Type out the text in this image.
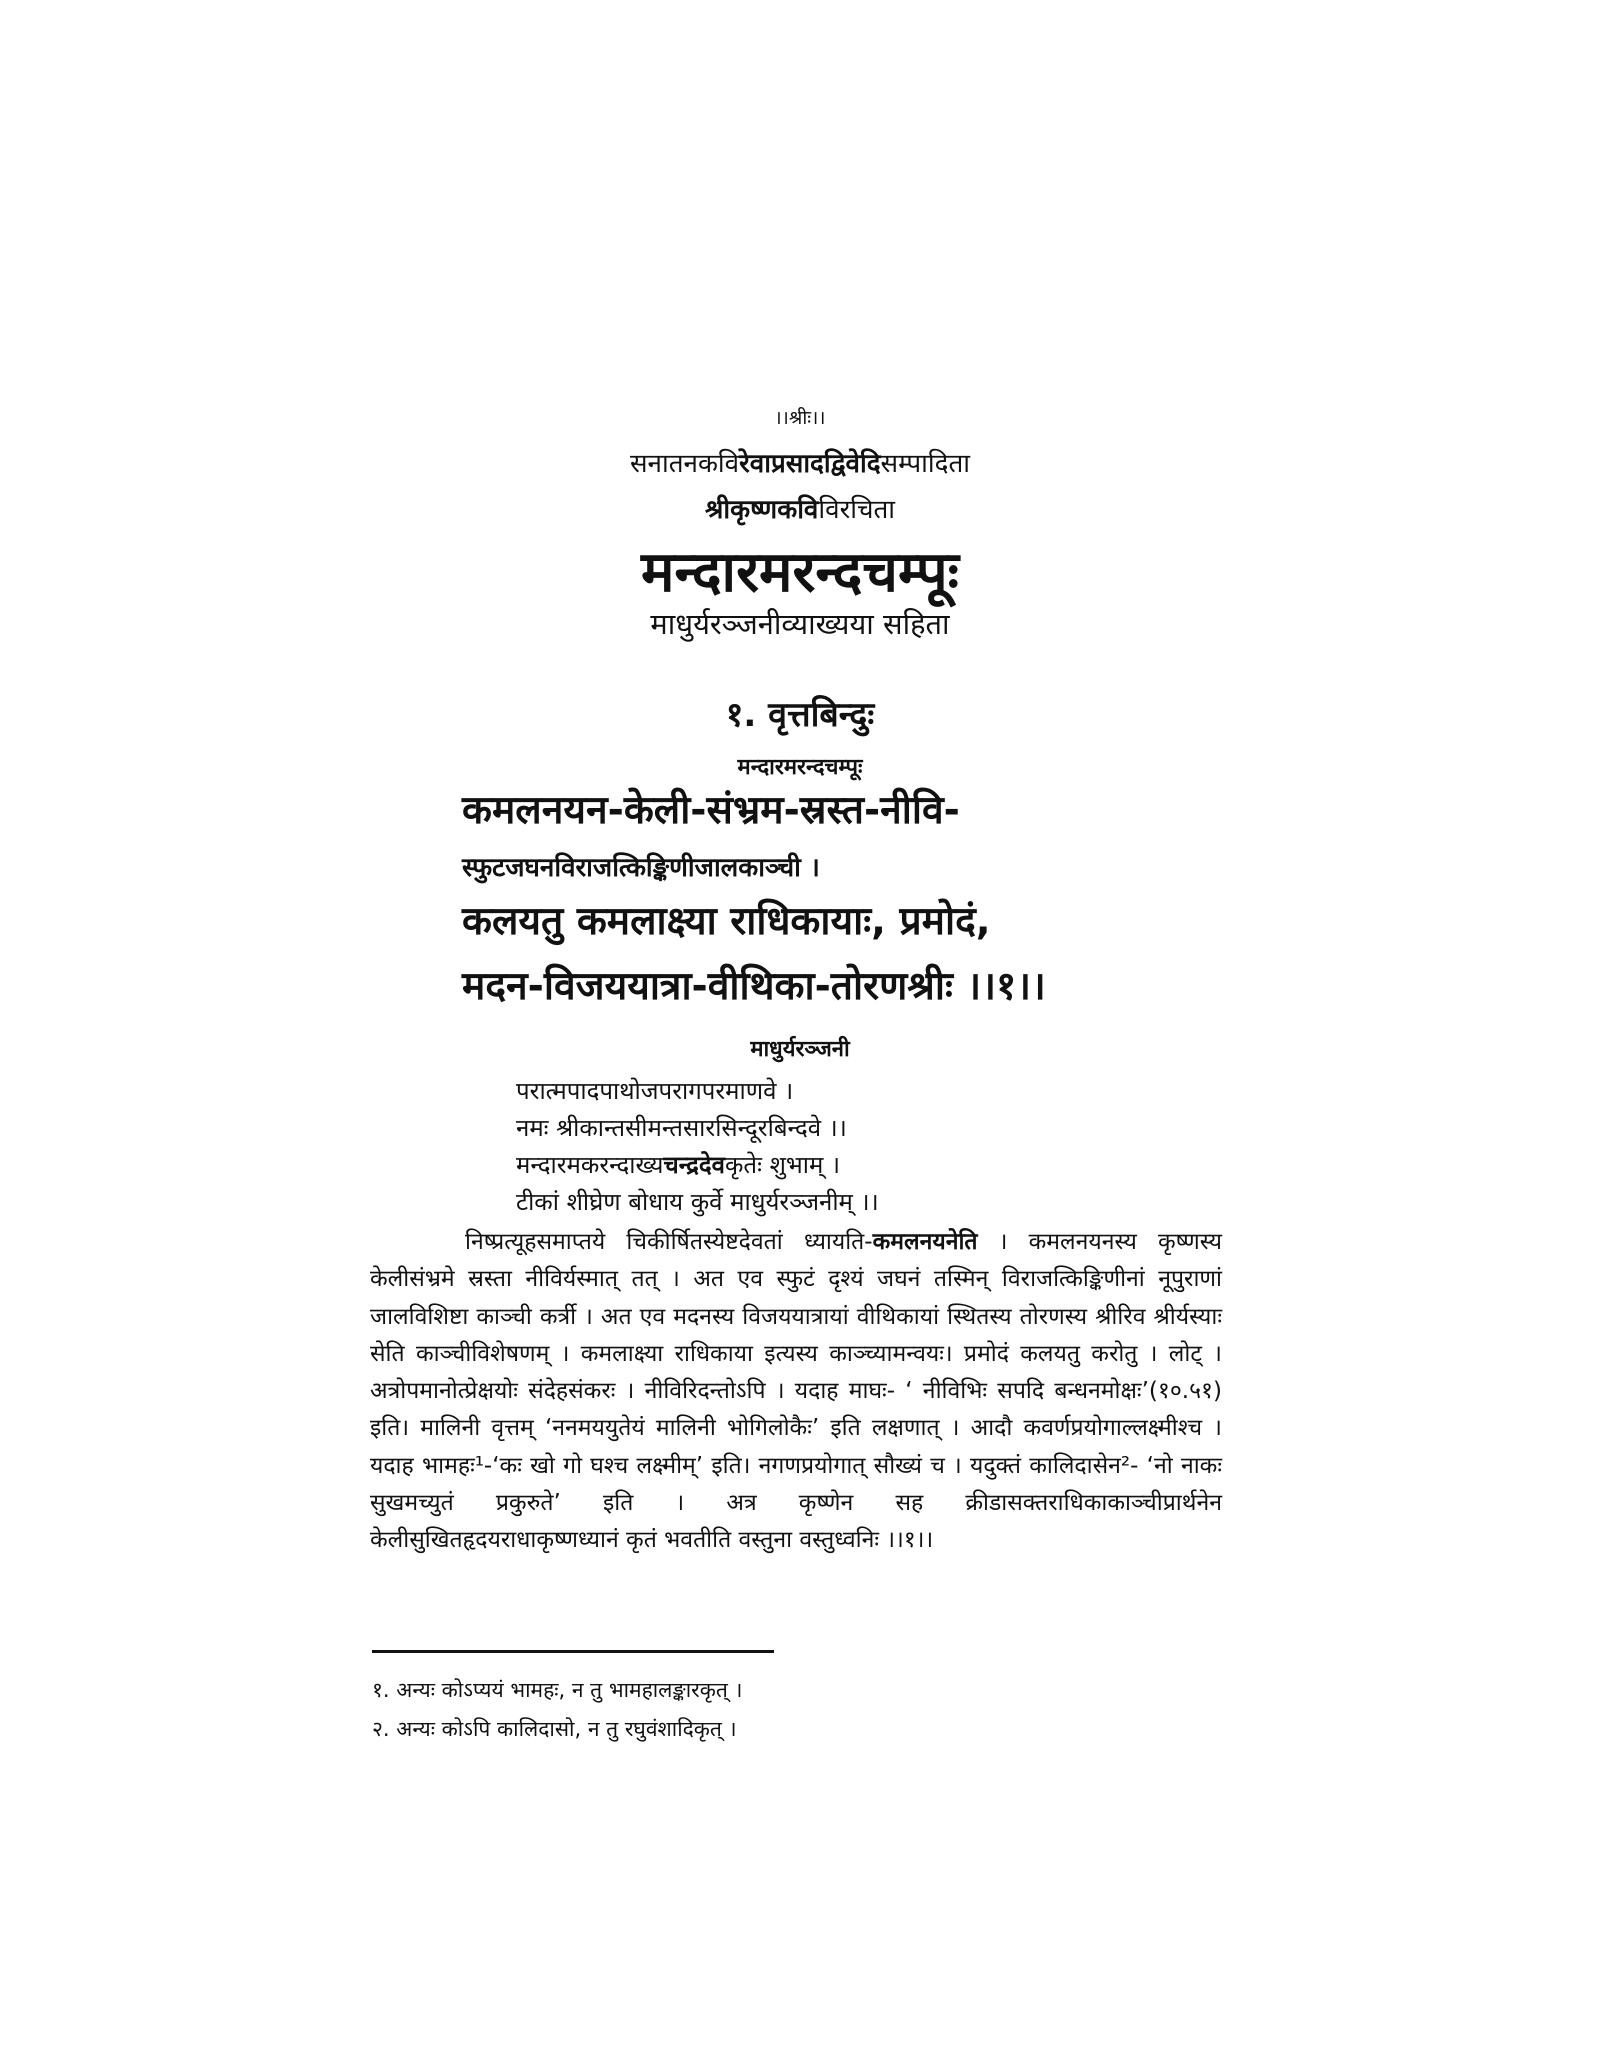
।।श्रीः।।
सनातनकविरेवाप्रसादद्विवेदिसम्पादिता
श्रीकृष्णकविविरचिता
मन्दारमरन्दचम्पूः
माधुर्यरञ्जनीव्याख्यया सहिता
१. वृत्तबिन्दुः
मन्दारमरन्दचम्पूः
कमलनयन-केली-संभ्रम-स्रस्त-नीवि-
स्फुटजघनविराजत्किङ्किणीजालकाञ्ची ।
कलयतु कमलाक्ष्या राधिकायाः, प्रमोदं,
मदन-विजययात्रा-वीथिका-तोरणश्रीः ।।१।।
माधुर्यरञ्जनी
परात्मपादपाथोजपरागपरमाणवे ।
नमः श्रीकान्तसीमन्तसारसिन्दूरबिन्दवे ।।
मन्दारमकरन्दाख्यचन्द्रदेवकृतेः शुभाम् ।
टीकां शीघ्रेण बोधाय कुर्वे माधुर्यरञ्जनीम् ।।

निष्प्रत्यूहसमाप्तये चिकीर्षितस्येष्टदेवतां ध्यायति-कमलनयनेति । कमलनयनस्य कृष्णस्य केलीसंभ्रमे स्रस्ता नीविर्यस्मात् तत् । अत एव स्फुटं दृश्यं जघनं तस्मिन् विराजत्किङ्किणीनां नूपुराणां जालविशिष्टा काञ्ची कर्त्री । अत एव मदनस्य विजययात्रायां वीथिकायां स्थितस्य तोरणस्य श्रीरिव श्रीर्यस्याः सेति काञ्चीविशेषणम् । कमलाक्ष्या राधिकाया इत्यस्य काञ्च्यामन्वयः। प्रमोदं कलयतु करोतु । लोट् । अत्रोपमानोत्प्रेक्षयोः संदेहसंकरः । नीविरिदन्तोऽपि । यदाह माघः- ‘ नीविभिः सपदि बन्धनमोक्षः’(१०.५१) इति। मालिनी वृत्तम् ‘ननमययुतेयं मालिनी भोगिलोकैः’ इति लक्षणात् । आदौ कवर्णप्रयोगाल्लक्ष्मीश्च । यदाह भामहः¹-‘कः खो गो घश्च लक्ष्मीम्’ इति। नगणप्रयोगात् सौख्यं च । यदुक्तं कालिदासेन²- ‘नो नाकः सुखमच्युतं प्रकुरुते’ इति । अत्र कृष्णेन सह क्रीडासक्तराधिकाकाञ्चीप्रार्थनेन केलीसुखितहृदयराधाकृष्णध्यानं कृतं भवतीति वस्तुना वस्तुध्वनिः ।।१।।

१. अन्यः कोऽप्ययं भामहः, न तु भामहालङ्कारकृत् ।
२. अन्यः कोऽपि कालिदासो, न तु रघुवंशादिकृत् ।
